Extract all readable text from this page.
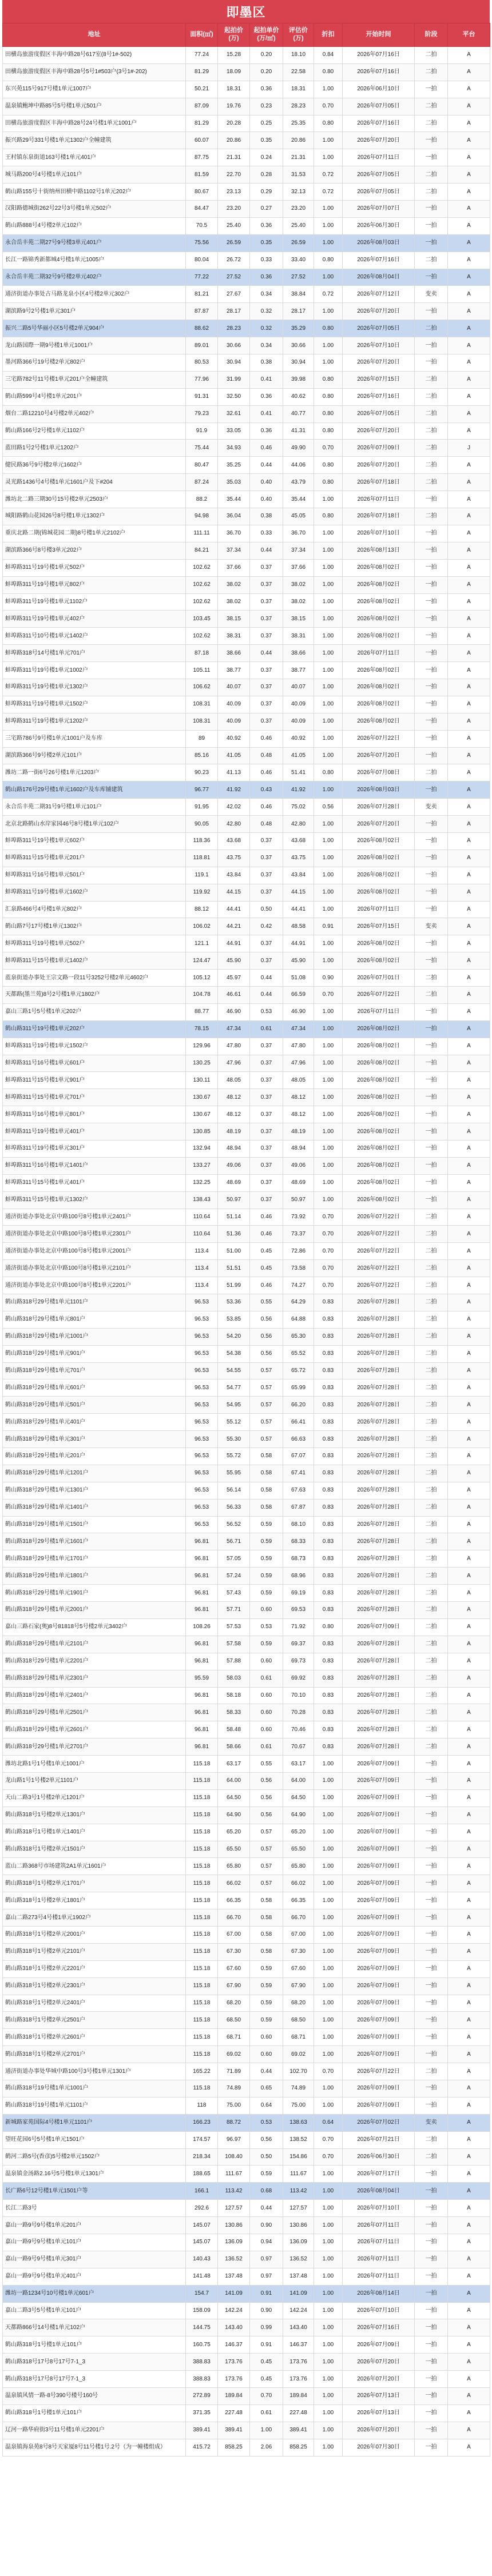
即墨区
地址	面积(㎡)	起拍价(万)	起拍单价(万/㎡)	评估价(万)	折扣	开始时间	阶段	平台
田横岛旅游度假区丰海中路28号617室(8号1#-502)	77.24	15.28	0.20	18.10	0.84	2026年07月16日	二拍	A
田横岛旅游度假区丰海中路28号5号1#503户(3号1#-202)	81.29	18.09	0.20	22.58	0.80	2026年07月16日	二拍	A
东兴苑115号917号楼1单元1007户	50.21	18.31	0.36	18.31	1.00	2026年06月10日	一拍	A
温泉镇鲍坤中路85号5号楼1单元501户	87.09	19.76	0.23	28.23	0.70	2026年07月05日	二拍	A
田横岛旅游度假区丰海中路28号24号楼1单元1001户	81.29	20.28	0.25	25.35	0.80	2026年07月16日	二拍	A
振兴路29号331号楼1单元1302户全幢建筑	60.07	20.86	0.35	20.86	1.00	2026年07月20日	一拍	A
王村镇东泉街道163号楼1单元401户	87.75	21.31	0.24	21.31	1.00	2026年07月11日	一拍	A
城马路200号4号楼1单元101户	81.59	22.70	0.28	31.53	0.72	2026年07月05日	二拍	A
鹤山路155号十街纳州田横中路1102号1单元202户	80.67	23.13	0.29	32.13	0.72	2026年07月05日	二拍	A
汉阳路德城街262号22号3号楼1单元502户	84.47	23.20	0.27	23.20	1.00	2026年07月07日	一拍	A
鹤山路888号4号楼2单元102户	70.5	25.40	0.36	25.40	1.00	2026年06月30日	一拍	A
永合岳丰苑二期27号9号楼3单元401户	75.56	26.59	0.35	26.59	1.00	2026年08月03日	一拍	A
长江一路锦秀新都城4号楼1单元1005户	80.04	26.72	0.33	33.40	0.80	2026年07月16日	二拍	A
永合岳丰苑二期32号9号楼2单元402户	77.22	27.52	0.36	27.52	1.00	2026年08月04日	一拍	A
通济街道办事处古马路龙泉小区4号楼2单元302户	81.21	27.67	0.34	38.84	0.72	2026年07月12日	变卖	A
湖滨路9号2号楼1单元301户	87.87	28.17	0.32	28.17	1.00	2026年07月20日	一拍	A
振兴二路5号华丽小区5号楼2单元904户	88.62	28.23	0.32	35.29	0.80	2026年07月05日	二拍	A
龙山路国際一期9号楼1单元1001户	89.01	30.66	0.34	30.66	1.00	2026年07月10日	一拍	A
墨河路366号19号楼2单元802户	80.53	30.94	0.38	30.94	1.00	2026年07月20日	一拍	A
三宅路782号11号楼1单元201户全幢建筑	77.96	31.99	0.41	39.98	0.80	2026年07月15日	二拍	A
鹤山路599号4号楼1单元201户	91.31	32.50	0.36	40.62	0.80	2026年07月16日	二拍	A
烟台二路12210号4号楼2单元402户	79.23	32.61	0.41	40.77	0.80	2026年07月05日	二拍	A
鹤山路166号2号楼1单元1102户	91.9	33.05	0.36	41.31	0.80	2026年07月20日	二拍	A
蓝田路1号2号楼1单元1202户	75.44	34.93	0.46	49.90	0.70	2026年07月09日	二拍	J
健民路36号9号楼2单元1602户	80.47	35.25	0.44	44.06	0.80	2026年07月20日	二拍	A
灵光路1436号4号楼1单元1601户及下#204	87.24	35.03	0.40	43.79	0.80	2026年07月18日	二拍	A
潍坊北二路三期30号15号楼2单元2503户	88.2	35.44	0.40	35.44	1.00	2026年07月11日	一拍	A
城阳路鹤山花园26号8号楼1单元1302户	94.98	36.04	0.38	45.05	0.80	2026年07月18日	二拍	A
重庆北路二期(锦城花园二期)8号楼1单元2102户	111.11	36.70	0.33	36.70	1.00	2026年07月10日	一拍	A
湖滨路366号8号楼3单元202户	84.21	37.34	0.44	37.34	1.00	2026年08月13日	一拍	A
蚌埠路311号19号楼1单元502户	102.62	37.66	0.37	37.66	1.00	2026年08月02日	一拍	A
蚌埠路311号19号楼1单元802户	102.62	38.02	0.37	38.02	1.00	2026年08月02日	一拍	A
蚌埠路311号19号楼1单元1102户	102.62	38.02	0.37	38.02	1.00	2026年08月02日	一拍	A
蚌埠路311号19号楼1单元402户	103.45	38.15	0.37	38.15	1.00	2026年08月02日	一拍	A
蚌埠路311号10号楼1单元1402户	102.62	38.31	0.37	38.31	1.00	2026年08月02日	一拍	A
蚌埠路318号14号楼1单元701户	87.18	38.66	0.44	38.66	1.00	2026年07月11日	一拍	A
蚌埠路311号19号楼1单元1002户	105.11	38.77	0.37	38.77	1.00	2026年08月02日	一拍	A
蚌埠路311号19号楼1单元1302户	106.62	40.07	0.37	40.07	1.00	2026年08月02日	一拍	A
蚌埠路311号19号楼1单元1502户	108.31	40.09	0.37	40.09	1.00	2026年08月02日	一拍	A
蚌埠路311号19号楼1单元1202户	108.31	40.09	0.37	40.09	1.00	2026年08月02日	一拍	A
三宅路786号9号楼1单元1001户及车库	89	40.92	0.46	40.92	1.00	2026年07月22日	一拍	A
湖滨路366号9号楼2单元101户	85.16	41.05	0.48	41.05	1.00	2026年07月20日	一拍	A
潍坊二路一街6号26号楼1单元1203户	90.23	41.13	0.46	51.41	0.80	2026年07月08日	二拍	A
鹤山路176号29号楼1单元1602户及车库铺建筑	96.77	41.92	0.43	41.92	1.00	2026年08月03日	一拍	A
永合岳丰苑二期31号9号楼1单元101户	91.95	42.02	0.46	75.02	0.56	2026年07月28日	变卖	A
北京北路鹤山水岸家园46号8号楼1单元102户	90.05	42.80	0.48	42.80	1.00	2026年07月20日	一拍	A
蚌埠路311号19号楼1单元602户	118.36	43.68	0.37	43.68	1.00	2026年08月02日	一拍	A
蚌埠路311号15号楼1单元201户	118.81	43.75	0.37	43.75	1.00	2026年08月02日	一拍	A
蚌埠路311号16号楼1单元501户	119.1	43.84	0.37	43.84	1.00	2026年08月02日	一拍	A
蚌埠路311号19号楼1单元1602户	119.92	44.15	0.37	44.15	1.00	2026年08月02日	一拍	A
汇泉路466号4号楼1单元802户	88.12	44.41	0.50	44.41	1.00	2026年07月11日	一拍	A
鹤山路7号17号楼1单元1302户	106.02	44.21	0.42	48.58	0.91	2026年07月15日	变卖	A
蚌埠路311号19号楼1单元502户	121.1	44.91	0.37	44.91	1.00	2026年08月02日	一拍	A
蚌埠路311号15号楼1单元1402户	124.47	45.90	0.37	45.90	1.00	2026年08月02日	一拍	A
蓝泉街道办事处王宗文路一段11号3252号楼2单元4602户	105.12	45.97	0.44	51.08	0.90	2026年07月01日	二拍	A
天都路(墨兰苑)8号2号楼1单元1802户	104.78	46.61	0.44	66.59	0.70	2026年07月22日	二拍	A
嘉山三路1号5号楼1单元202户	88.77	46.90	0.53	46.90	1.00	2026年07月11日	一拍	A
鹤山路311号19号楼1单元202户	78.15	47.34	0.61	47.34	1.00	2026年08月02日	一拍	A
蚌埠路311号19号楼1单元1502户	129.96	47.80	0.37	47.80	1.00	2026年08月02日	一拍	A
蚌埠路311号16号楼1单元601户	130.25	47.96	0.37	47.96	1.00	2026年08月02日	一拍	A
蚌埠路311号15号楼1单元901户	130.11	48.05	0.37	48.05	1.00	2026年08月02日	一拍	A
蚌埠路311号15号楼1单元701户	130.67	48.12	0.37	48.12	1.00	2026年08月02日	一拍	A
蚌埠路311号16号楼1单元801户	130.67	48.12	0.37	48.12	1.00	2026年08月02日	一拍	A
蚌埠路311号19号楼1单元401户	130.85	48.19	0.37	48.19	1.00	2026年08月02日	一拍	A
蚌埠路311号19号楼1单元301户	132.94	48.94	0.37	48.94	1.00	2026年08月02日	一拍	A
蚌埠路311号16号楼1单元1401户	133.27	49.06	0.37	49.06	1.00	2026年08月02日	一拍	A
蚌埠路311号15号楼1单元401户	132.25	48.69	0.37	48.69	1.00	2026年08月02日	一拍	A
蚌埠路311号15号楼1单元1302户	138.43	50.97	0.37	50.97	1.00	2026年08月02日	一拍	A
通济街道办事处北京中路100号8号楼1单元2401户	110.64	51.14	0.46	73.92	0.70	2026年07月22日	二拍	A
通济街道办事处北京中路100号8号楼1单元2301户	110.64	51.36	0.46	73.37	0.70	2026年07月22日	二拍	A
通济街道办事处北京中路100号8号楼1单元2001户	113.4	51.00	0.45	72.86	0.70	2026年07月22日	二拍	A
通济街道办事处北京中路100号8号楼1单元2101户	113.4	51.51	0.45	73.58	0.70	2026年07月22日	二拍	A
通济街道办事处北京中路100号8号楼1单元2201户	113.4	51.99	0.46	74.27	0.70	2026年07月22日	二拍	A
鹤山路318号29号楼1单元1101户	96.53	53.36	0.55	64.29	0.83	2026年07月28日	二拍	A
鹤山路318号29号楼1单元801户	96.53	53.85	0.56	64.88	0.83	2026年07月28日	二拍	A
鹤山路318号29号楼1单元1001户	96.53	54.20	0.56	65.30	0.83	2026年07月28日	二拍	A
鹤山路318号29号楼1单元901户	96.53	54.38	0.56	65.52	0.83	2026年07月28日	二拍	A
鹤山路318号29号楼1单元701户	96.53	54.55	0.57	65.72	0.83	2026年07月28日	二拍	A
鹤山路318号29号楼1单元601户	96.53	54.77	0.57	65.99	0.83	2026年07月28日	二拍	A
鹤山路318号29号楼1单元501户	96.53	54.95	0.57	66.20	0.83	2026年07月28日	二拍	A
鹤山路318号29号楼1单元401户	96.53	55.12	0.57	66.41	0.83	2026年07月28日	二拍	A
鹤山路318号29号楼1单元301户	96.53	55.30	0.57	66.63	0.83	2026年07月28日	二拍	A
鹤山路318号29号楼1单元201户	96.53	55.72	0.58	67.07	0.83	2026年07月28日	二拍	A
鹤山路318号29号楼1单元1201户	96.53	55.95	0.58	67.41	0.83	2026年07月28日	二拍	A
鹤山路318号29号楼1单元1301户	96.53	56.14	0.58	67.63	0.83	2026年07月28日	二拍	A
鹤山路318号29号楼1单元1401户	96.53	56.33	0.58	67.87	0.83	2026年07月28日	二拍	A
鹤山路318号29号楼1单元1501户	96.53	56.52	0.59	68.10	0.83	2026年07月28日	二拍	A
鹤山路318号29号楼1单元1601户	96.81	56.71	0.59	68.33	0.83	2026年07月28日	二拍	A
鹤山路318号29号楼1单元1701户	96.81	57.05	0.59	68.73	0.83	2026年07月28日	二拍	A
鹤山路318号29号楼1单元1801户	96.81	57.24	0.59	68.96	0.83	2026年07月28日	二拍	A
鹤山路318号29号楼1单元1901户	96.81	57.43	0.59	69.19	0.83	2026年07月28日	二拍	A
鹤山路318号29号楼1单元2001户	96.81	57.71	0.60	69.53	0.83	2026年07月28日	二拍	A
嘉山三路石家(奥)8号81818号5号楼2单元3402户	108.26	57.53	0.53	71.92	0.80	2026年07月09日	二拍	A
鹤山路318号29号楼1单元2101户	96.81	57.58	0.59	69.37	0.83	2026年07月28日	二拍	A
鹤山路318号29号楼1单元2201户	96.81	57.88	0.60	69.73	0.83	2026年07月28日	二拍	A
鹤山路318号29号楼1单元2301户	95.59	58.03	0.61	69.92	0.83	2026年07月28日	二拍	A
鹤山路318号29号楼1单元2401户	96.81	58.18	0.60	70.10	0.83	2026年07月28日	二拍	A
鹤山路318号29号楼1单元2501户	96.81	58.33	0.60	70.28	0.83	2026年07月28日	二拍	A
鹤山路318号29号楼1单元2601户	96.81	58.48	0.60	70.46	0.83	2026年07月28日	二拍	A
鹤山路318号29号楼1单元2701户	96.81	58.66	0.61	70.67	0.83	2026年07月28日	二拍	A
潍坊北路1号1号楼1单元1001户	115.18	63.17	0.55	63.17	1.00	2026年07月09日	一拍	A
龙山路1号1号楼2单元1101户	115.18	64.00	0.56	64.00	1.00	2026年07月09日	一拍	A
天山二路3号1号楼2单元1201户	115.18	64.50	0.56	64.50	1.00	2026年07月09日	一拍	A
鹤山路318号1号楼2单元1301户	115.18	64.90	0.56	64.90	1.00	2026年07月09日	一拍	A
鹤山路318号1号楼1单元1401户	115.18	65.20	0.57	65.20	1.00	2026年07月09日	一拍	A
鹤山路318号1号楼2单元1501户	115.18	65.50	0.57	65.50	1.00	2026年07月09日	一拍	A
蓝山二路368号市场建筑2A1单元1601户	115.18	65.80	0.57	65.80	1.00	2026年07月09日	一拍	A
鹤山路318号1号楼2单元1701户	115.18	66.02	0.57	66.02	1.00	2026年07月09日	一拍	A
鹤山路318号1号楼2单元1801户	115.18	66.35	0.58	66.35	1.00	2026年07月09日	一拍	A
嘉山二路273号4号楼1单元1902户	115.18	66.70	0.58	66.70	1.00	2026年07月09日	一拍	A
鹤山路318号1号楼2单元2001户	115.18	67.00	0.58	67.00	1.00	2026年07月09日	一拍	A
鹤山路318号1号楼2单元2101户	115.18	67.30	0.58	67.30	1.00	2026年07月09日	一拍	A
鹤山路318号1号楼2单元2201户	115.18	67.60	0.59	67.60	1.00	2026年07月09日	一拍	A
鹤山路318号1号楼2单元2301户	115.18	67.90	0.59	67.90	1.00	2026年07月09日	一拍	A
鹤山路318号1号楼2单元2401户	115.18	68.20	0.59	68.20	1.00	2026年07月09日	一拍	A
鹤山路318号1号楼2单元2501户	115.18	68.50	0.59	68.50	1.00	2026年07月09日	一拍	A
鹤山路318号1号楼2单元2601户	115.18	68.71	0.60	68.71	1.00	2026年07月09日	一拍	A
鹤山路318号1号楼2单元2701户	115.18	69.02	0.60	69.02	1.00	2026年07月09日	一拍	A
通济街道办事处华城中路100号3号楼1单元1301户	165.22	71.89	0.44	102.70	0.70	2026年07月22日	二拍	A
鹤山路318号19号楼1单元1001户	115.18	74.89	0.65	74.89	1.00	2026年07月09日	一拍	A
鹤山路318号19号楼1单元1101户	118	75.00	0.64	75.00	1.00	2026年07月09日	一拍	A
新城路家苑国际4号楼1单元1101户	166.23	88.72	0.53	138.63	0.64	2026年07月02日	变卖	A
望旺花园6号5号楼1单元1501户	174.57	96.97	0.56	138.52	0.70	2026年07月21日	二拍	A
鹤河二路5号(香彦)5号楼2单元1502户	218.34	108.40	0.50	154.86	0.70	2026年06月30日	二拍	A
温泉镇金汤路2.16号5号楼1单元1301户	188.65	111.67	0.59	111.67	1.00	2026年07月17日	一拍	A
长广路6号12号楼1单元1501户等	166.1	113.42	0.68	113.42	1.00	2026年08月04日	一拍	A
长江二路3号	292.6	127.57	0.44	127.57	1.00	2026年07月10日	一拍	A
嘉山一路9号9号楼1单元201户	145.07	130.86	0.90	130.86	1.00	2026年07月11日	一拍	A
嘉山一路9号9号楼1单元101户	145.07	136.09	0.94	136.09	1.00	2026年07月11日	一拍	A
嘉山一路9号9号楼1单元301户	140.43	136.52	0.97	136.52	1.00	2026年07月11日	一拍	A
嘉山一路9号9号楼1单元401户	141.48	137.48	0.97	137.48	1.00	2026年07月11日	一拍	A
潍坊一路1234号10号楼1单元601户	154.7	141.09	0.91	141.09	1.00	2026年08月14日	一拍	A
嘉山二路3号5号楼1单元101户	158.09	142.24	0.90	142.24	1.00	2026年07月10日	一拍	A
天都路866号14号楼1单元102户	144.75	143.40	0.99	143.40	1.00	2026年07月16日	一拍	A
鹤山路318号1号楼1单元101户	160.75	146.37	0.91	146.37	1.00	2026年07月09日	一拍	A
鹤山路318号17号8号17号7-1_3	388.83	173.76	0.45	173.76	1.00	2026年07月20日	一拍	A
鹤山路318号17号8号17号7-1_3	388.83	173.76	0.45	173.76	1.00	2026年07月20日	一拍	A
温泉镇风情一路-8号390号楼号160号	272.89	189.84	0.70	189.84	1.00	2026年07月13日	一拍	A
鹤山路318号1号楼1单元101户	371.35	227.48	0.61	227.48	1.00	2026年07月13日	一拍	A
辽河一路华府街3号11号楼1单元2201户	389.41	389.41	1.00	389.41	1.00	2026年07月20日	一拍	A
温泉镇海泉苑8号8号天家厦8号11号楼1号.2号（为一幢楼组成）	415.72	858.25	2.06	858.25	1.00	2026年07月30日	一拍	A
